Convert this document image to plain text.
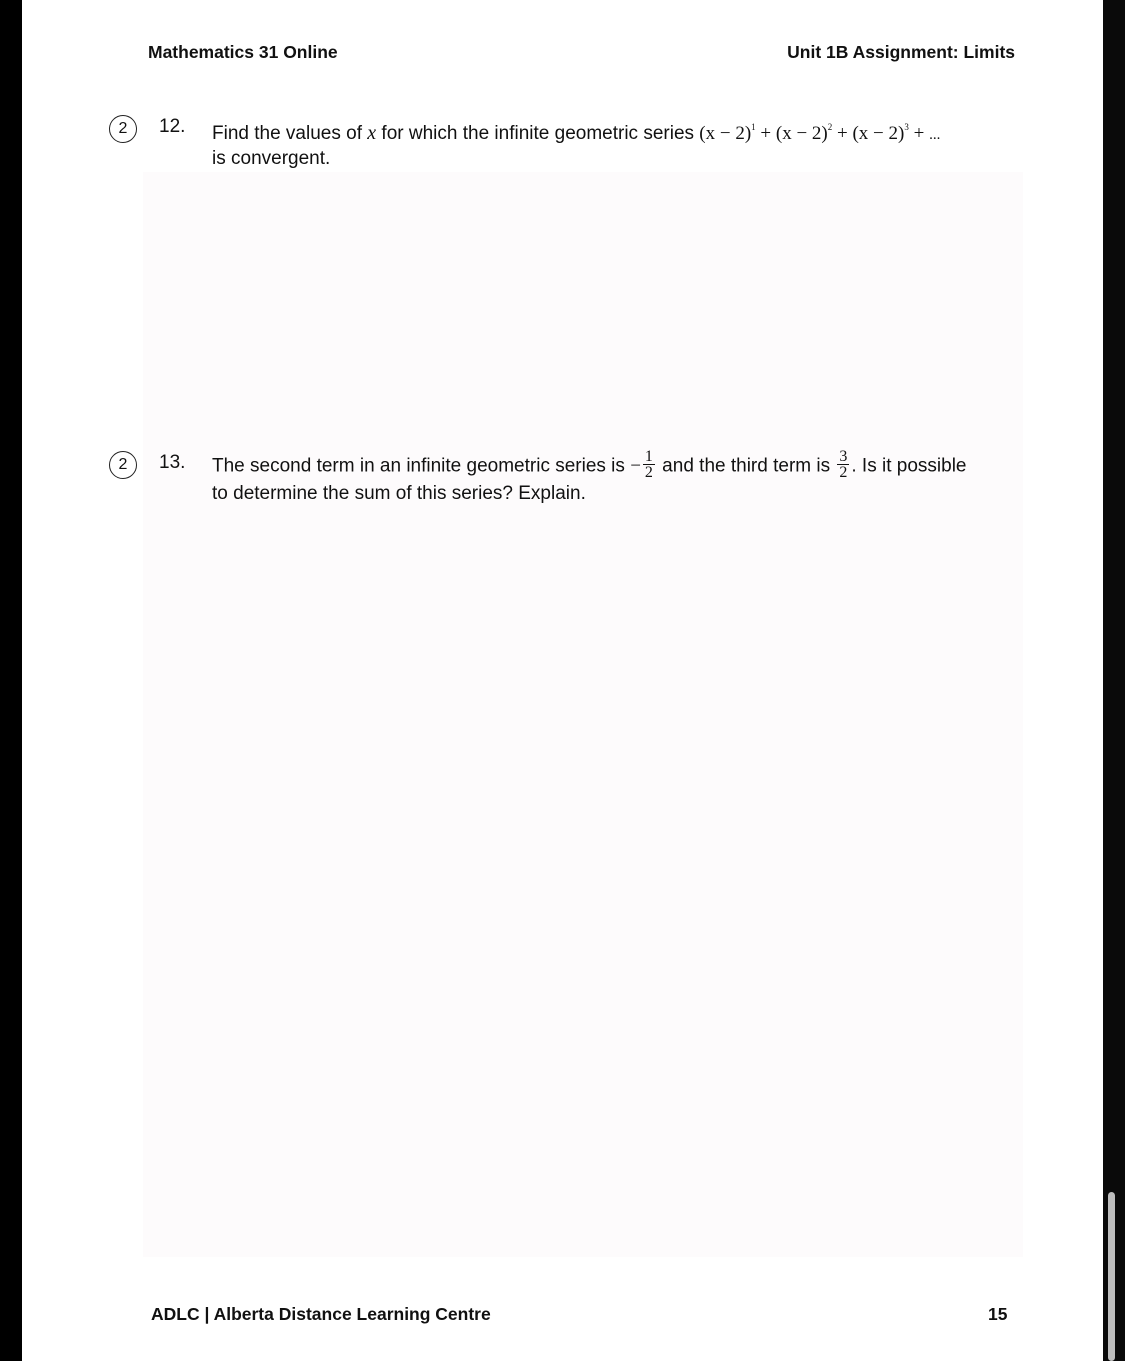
Mathematics 31 Online	Unit 1B Assignment: Limits
2	12. Find the values of x for which the infinite geometric series $(x - 2)^1 + (x - 2)^2 + (x - 2)^3$ + ...
is convergent.
2	13. The second term in an infinite geometric series is − $\frac{1}{2}$ and the third term is $\frac{3}{2}$ . Is it possible
to determine the sum of this series? Explain.
ADLC | Alberta Distance Learning Centre	15
